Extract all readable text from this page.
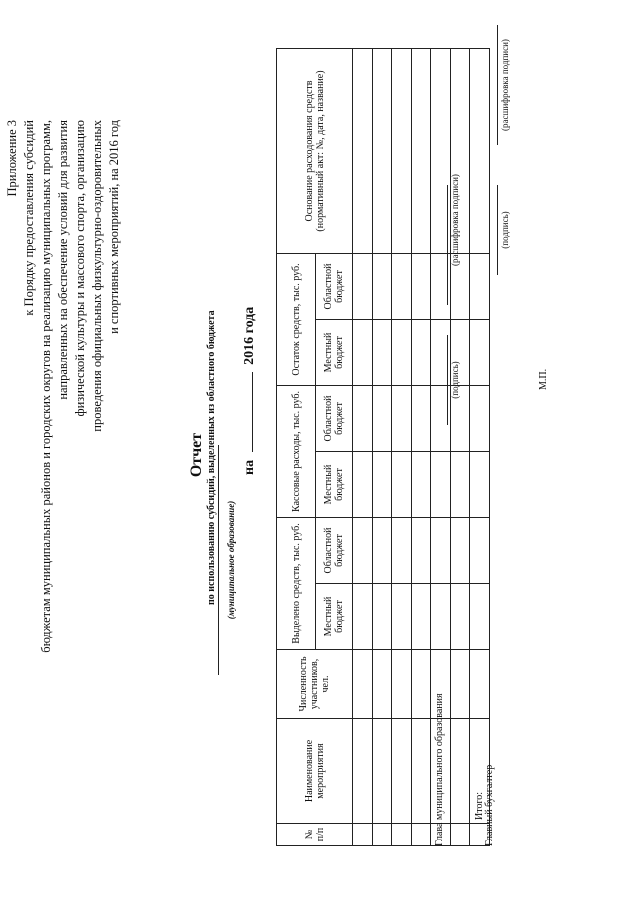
Приложение 3 к Порядку предоставления субсидий бюджетам муниципальных районов и городских округов на реализацию муниципальных программ, направленных на обеспечение условий для развития физической культуры и массового спорта, организацию проведения официальных физкультурно-оздоровительных и спортивных мероприятий, на 2016 год
Отчет по использованию субсидий, выделенных из областного бюджета (муниципальное образование)
на  2016 года
№ п/п	Наименование мероприятия	Численность участников, чел.	Выделено средств, тыс. руб.		Кассовые расходы, тыс. руб.		Остаток средств, тыс. руб.		Основание расходования средств (нормативный акт: №, дата, название)
			Местный бюджет	Областной бюджет	Местный бюджет	Областной бюджет	Местный бюджет	Областной бюджет	

	Итого:								
Глава муниципального образования
(подпись)
(расшифровка подписи)
Главный бухгалтер
(подпись)
(расшифровка подписи)
М.П.
